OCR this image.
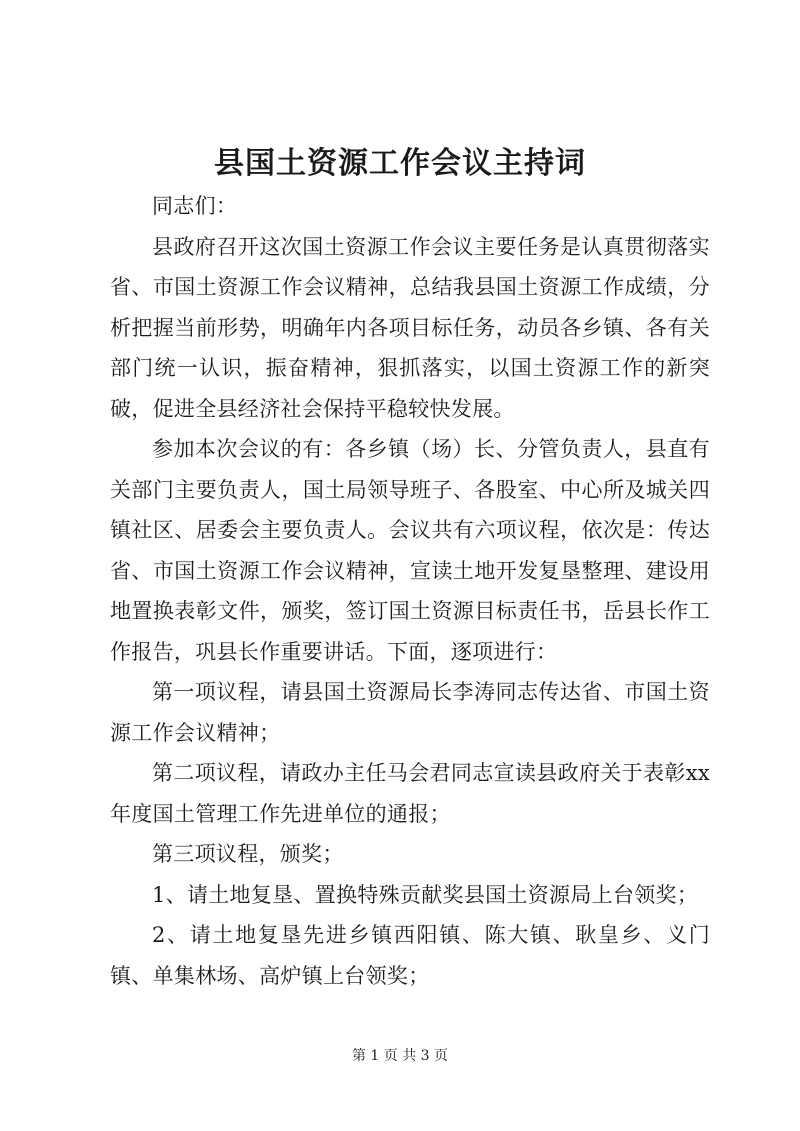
县国土资源工作会议主持词

同志们：

县政府召开这次国土资源工作会议主要任务是认真贯彻落实省、市国土资源工作会议精神，总结我县国土资源工作成绩，分析把握当前形势，明确年内各项目标任务，动员各乡镇、各有关部门统一认识，振奋精神，狠抓落实，以国土资源工作的新突破，促进全县经济社会保持平稳较快发展。

参加本次会议的有：各乡镇（场）长、分管负责人，县直有关部门主要负责人，国土局领导班子、各股室、中心所及城关四镇社区、居委会主要负责人。会议共有六项议程，依次是：传达省、市国土资源工作会议精神，宣读土地开发复垦整理、建设用地置换表彰文件，颁奖，签订国土资源目标责任书，岳县长作工作报告，巩县长作重要讲话。下面，逐项进行：

第一项议程，请县国土资源局长李涛同志传达省、市国土资源工作会议精神；

第二项议程，请政办主任马会君同志宣读县政府关于表彰xx年度国土管理工作先进单位的通报；

第三项议程，颁奖；

1、请土地复垦、置换特殊贡献奖县国土资源局上台领奖；

2、请土地复垦先进乡镇西阳镇、陈大镇、耿皇乡、义门镇、单集林场、高炉镇上台领奖；

第 1 页 共 3 页
